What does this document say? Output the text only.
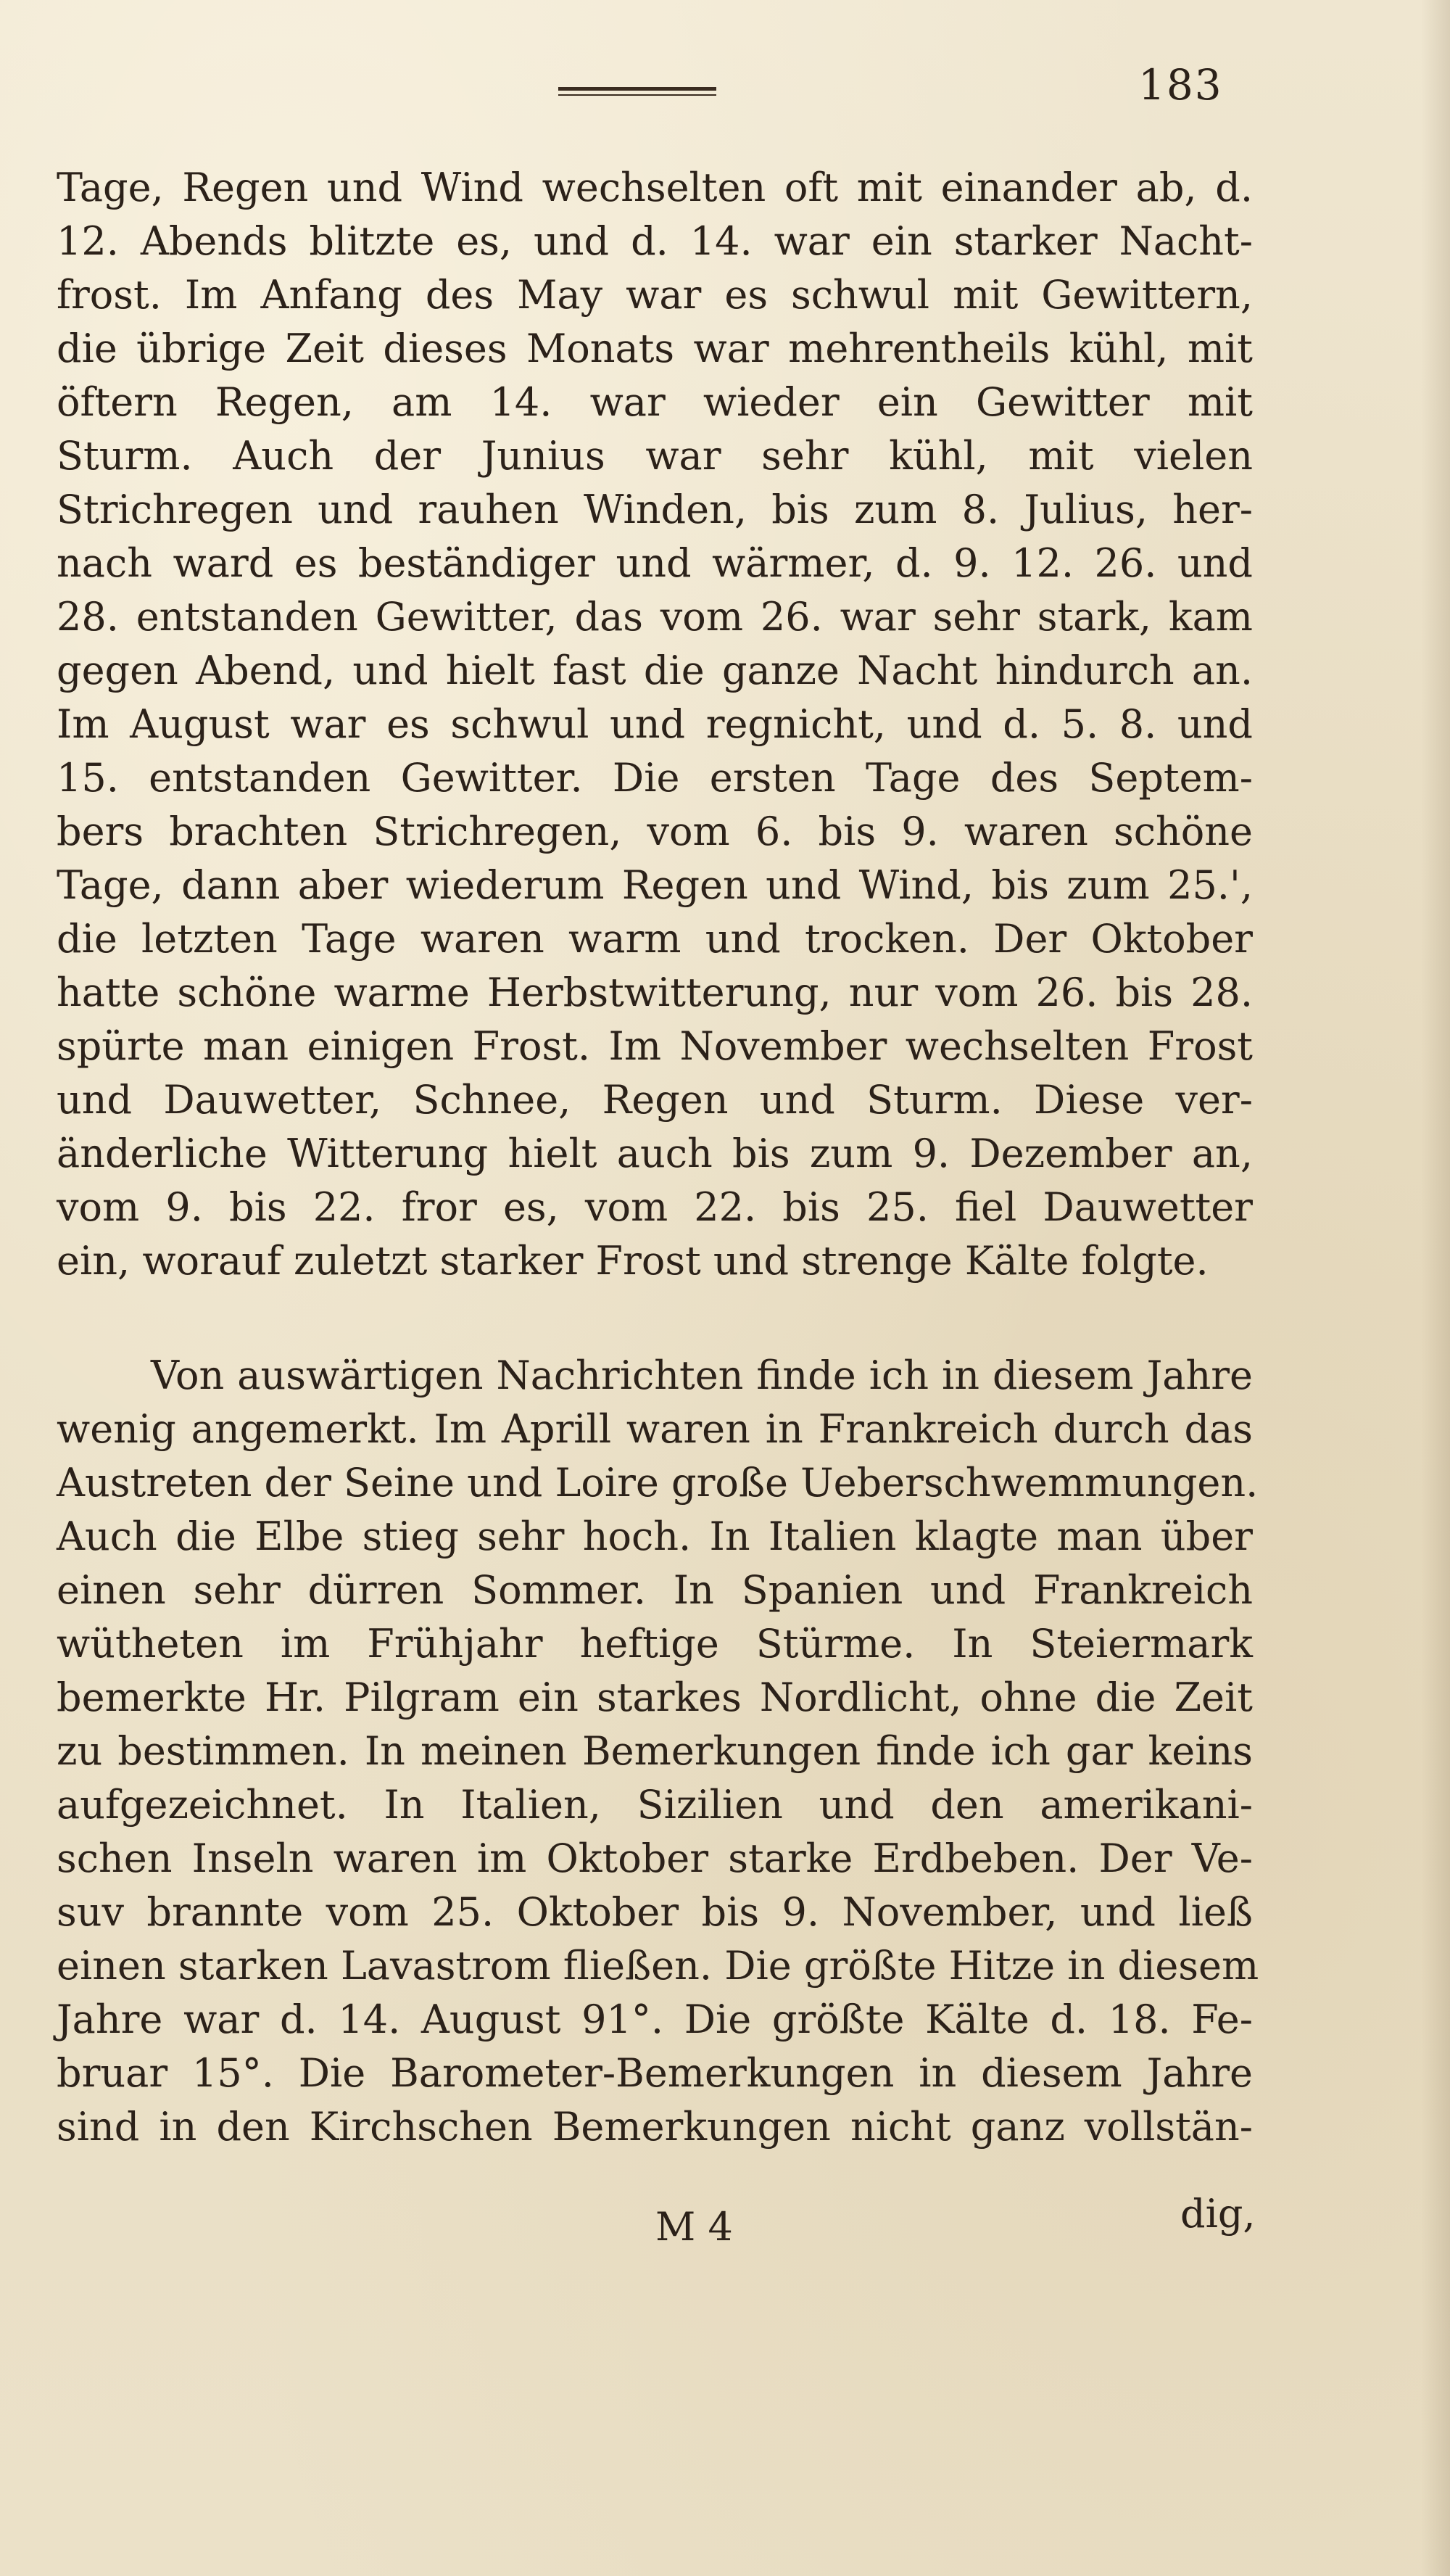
183
Tage, Regen und Wind wechselten oft mit einander ab, d.
12. Abends blitzte es, und d. 14. war ein starker Nacht-
frost. Im Anfang des May war es schwul mit Gewittern,
die übrige Zeit dieses Monats war mehrentheils kühl, mit
öftern Regen, am 14. war wieder ein Gewitter mit
Sturm. Auch der Junius war sehr kühl, mit vielen
Strichregen und rauhen Winden, bis zum 8. Julius, her-
nach ward es beständiger und wärmer, d. 9. 12. 26. und
28. entstanden Gewitter, das vom 26. war sehr stark, kam
gegen Abend, und hielt fast die ganze Nacht hindurch an.
Im August war es schwul und regnicht, und d. 5. 8. und
15. entstanden Gewitter. Die ersten Tage des Septem-
bers brachten Strichregen, vom 6. bis 9. waren schöne
Tage, dann aber wiederum Regen und Wind, bis zum 25.',
die letzten Tage waren warm und trocken. Der Oktober
hatte schöne warme Herbstwitterung, nur vom 26. bis 28.
spürte man einigen Frost. Im November wechselten Frost
und Dauwetter, Schnee, Regen und Sturm. Diese ver-
änderliche Witterung hielt auch bis zum 9. Dezember an,
vom 9. bis 22. fror es, vom 22. bis 25. fiel Dauwetter
ein, worauf zuletzt starker Frost und strenge Kälte folgte.
Von auswärtigen Nachrichten finde ich in diesem Jahre
wenig angemerkt. Im Aprill waren in Frankreich durch das
Austreten der Seine und Loire große Ueberschwemmungen.
Auch die Elbe stieg sehr hoch. In Italien klagte man über
einen sehr dürren Sommer. In Spanien und Frankreich
wütheten im Frühjahr heftige Stürme. In Steiermark
bemerkte Hr. Pilgram ein starkes Nordlicht, ohne die Zeit
zu bestimmen. In meinen Bemerkungen finde ich gar keins
aufgezeichnet. In Italien, Sizilien und den amerikani-
schen Inseln waren im Oktober starke Erdbeben. Der Ve-
suv brannte vom 25. Oktober bis 9. November, und ließ
einen starken Lavastrom fließen. Die größte Hitze in diesem
Jahre war d. 14. August 91°. Die größte Kälte d. 18. Fe-
bruar 15°. Die Barometer-Bemerkungen in diesem Jahre
sind in den Kirchschen Bemerkungen nicht ganz vollstän-
M 4	dig,
